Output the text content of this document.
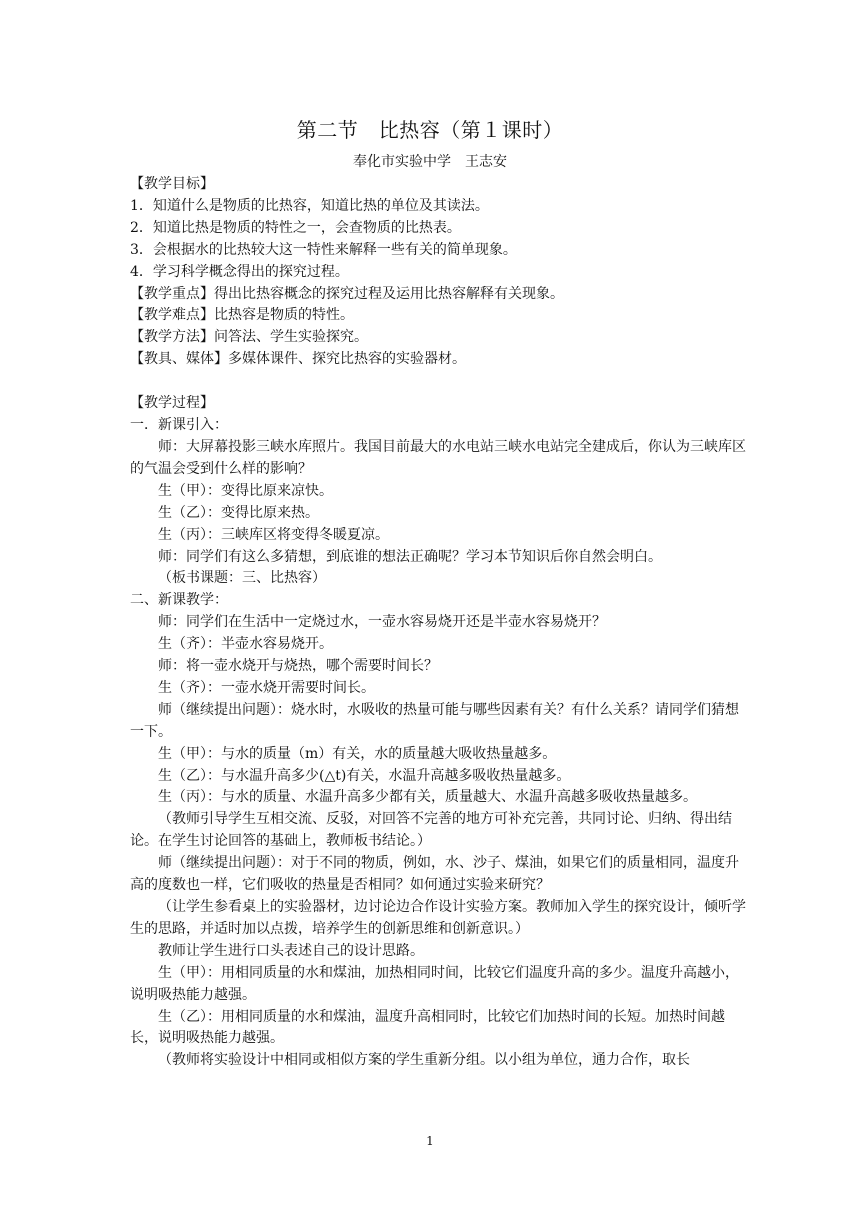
第二节　比热容（第１课时）
奉化市实验中学　王志安

【教学目标】

1．知道什么是物质的比热容，知道比热的单位及其读法。

2．知道比热是物质的特性之一，会查物质的比热表。

3．会根据水的比热较大这一特性来解释一些有关的简单现象。

4．学习科学概念得出的探究过程。

【教学重点】得出比热容概念的探究过程及运用比热容解释有关现象。

【教学难点】比热容是物质的特性。

【教学方法】问答法、学生实验探究。

【教具、媒体】多媒体课件、探究比热容的实验器材。

【教学过程】

一．新课引入：

师：大屏幕投影三峡水库照片。我国目前最大的水电站三峡水电站完全建成后，你认为三峡库区的气温会受到什么样的影响？

生（甲）：变得比原来凉快。

生（乙）：变得比原来热。

生（丙）：三峡库区将变得冬暖夏凉。

师：同学们有这么多猜想，到底谁的想法正确呢？学习本节知识后你自然会明白。

（板书课题：三、比热容）

二、新课教学：

师：同学们在生活中一定烧过水，一壶水容易烧开还是半壶水容易烧开？

生（齐）：半壶水容易烧开。

师：将一壶水烧开与烧热，哪个需要时间长？

生（齐）：一壶水烧开需要时间长。

师（继续提出问题）：烧水时，水吸收的热量可能与哪些因素有关？有什么关系？请同学们猜想一下。

生（甲）：与水的质量（m）有关，水的质量越大吸收热量越多。

生（乙）：与水温升高多少(△t)有关，水温升高越多吸收热量越多。

生（丙）：与水的质量、水温升高多少都有关，质量越大、水温升高越多吸收热量越多。

（教师引导学生互相交流、反驳，对回答不完善的地方可补充完善，共同讨论、归纳、得出结论。在学生讨论回答的基础上，教师板书结论。）

师（继续提出问题）：对于不同的物质，例如，水、沙子、煤油，如果它们的质量相同，温度升高的度数也一样，它们吸收的热量是否相同？如何通过实验来研究？

（让学生参看桌上的实验器材，边讨论边合作设计实验方案。教师加入学生的探究设计，倾听学生的思路，并适时加以点拨，培养学生的创新思维和创新意识。）

教师让学生进行口头表述自己的设计思路。

生（甲）：用相同质量的水和煤油，加热相同时间，比较它们温度升高的多少。温度升高越小，说明吸热能力越强。

生（乙）：用相同质量的水和煤油，温度升高相同时，比较它们加热时间的长短。加热时间越长，说明吸热能力越强。

（教师将实验设计中相同或相似方案的学生重新分组。以小组为单位，通力合作，取长

1
